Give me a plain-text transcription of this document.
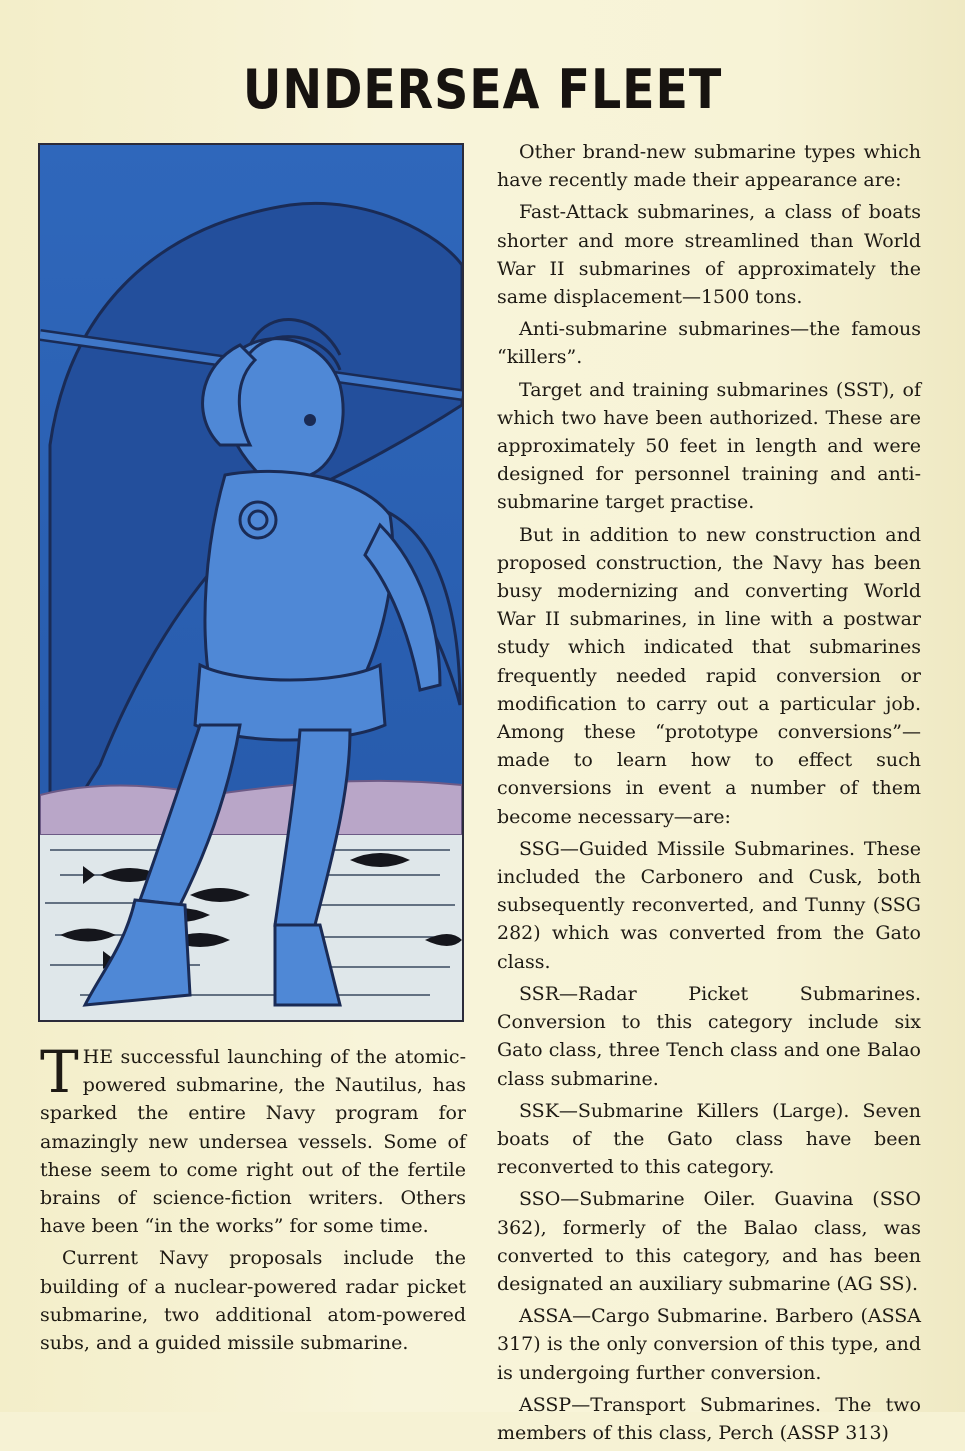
UNDERSEA FLEET

THE successful launching of the atomic-powered submarine, the Nautilus, has sparked the entire Navy program for amazingly new undersea vessels. Some of these seem to come right out of the fertile brains of science-fiction writers. Others have been “in the works” for some time.

Current Navy proposals include the building of a nuclear-powered radar picket submarine, two additional atom-powered subs, and a guided missile submarine.

Other brand-new submarine types which have recently made their appearance are:

Fast-Attack submarines, a class of boats shorter and more streamlined than World War II submarines of approximately the same displacement—1500 tons.

Anti-submarine submarines—the famous “killers”.

Target and training submarines (SST), of which two have been authorized. These are approximately 50 feet in length and were designed for personnel training and anti-submarine target practise.

But in addition to new construction and proposed construction, the Navy has been busy modernizing and converting World War II submarines, in line with a postwar study which indicated that submarines frequently needed rapid conversion or modification to carry out a particular job. Among these “prototype conversions”—made to learn how to effect such conversions in event a number of them become necessary—are:

SSG—Guided Missile Submarines. These included the Carbonero and Cusk, both subsequently reconverted, and Tunny (SSG 282) which was converted from the Gato class.

SSR—Radar Picket Submarines. Conversion to this category include six Gato class, three Tench class and one Balao class submarine.

SSK—Submarine Killers (Large). Seven boats of the Gato class have been reconverted to this category.

SSO—Submarine Oiler. Guavina (SSO 362), formerly of the Balao class, was converted to this category, and has been designated an auxiliary submarine (AG SS).

ASSA—Cargo Submarine. Barbero (ASSA 317) is the only conversion of this type, and is undergoing further conversion.

ASSP—Transport Submarines. The two members of this class, Perch (ASSP 313)
